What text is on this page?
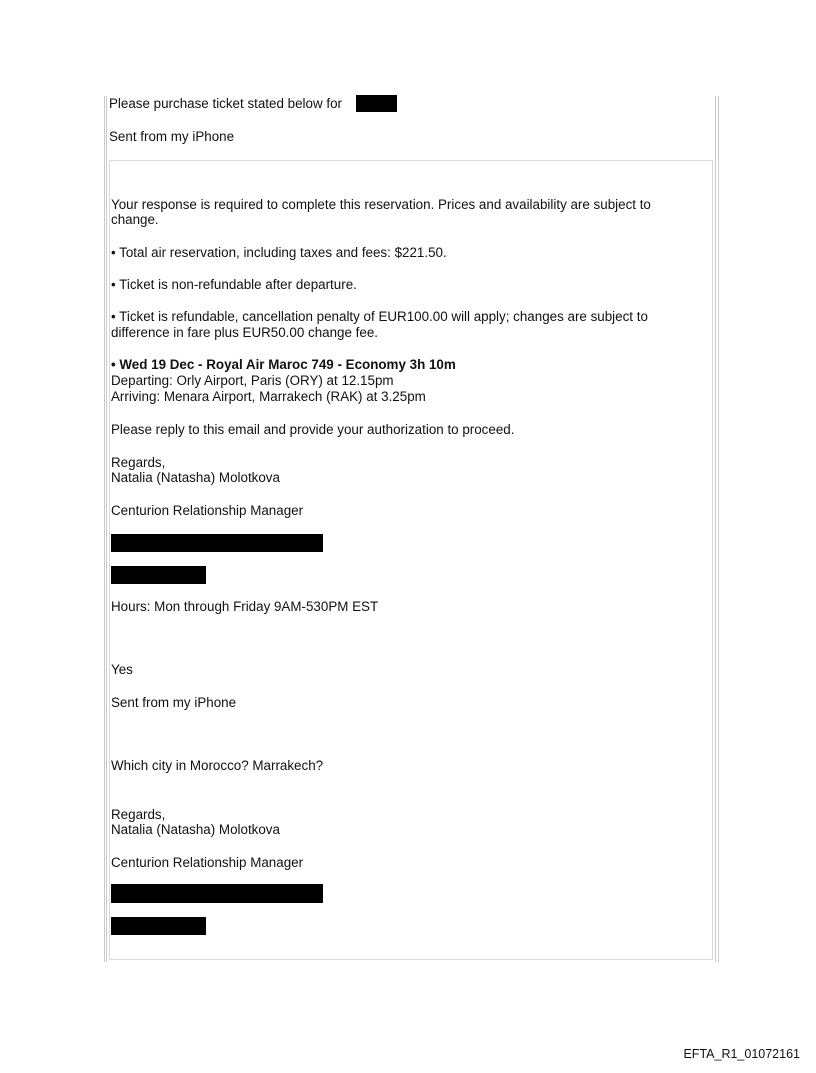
Please purchase ticket stated below for

Sent from my iPhone

Your response is required to complete this reservation. Prices and availability are subject to

change.

• Total air reservation, including taxes and fees: $221.50.

• Ticket is non-refundable after departure.

• Ticket is refundable, cancellation penalty of EUR100.00 will apply; changes are subject to

difference in fare plus EUR50.00 change fee.

• Wed 19 Dec - Royal Air Maroc 749 - Economy 3h 10m

Departing: Orly Airport, Paris (ORY) at 12.15pm

Arriving: Menara Airport, Marrakech (RAK) at 3.25pm

Please reply to this email and provide your authorization to proceed.

Regards,

Natalia (Natasha) Molotkova

Centurion Relationship Manager

Hours: Mon through Friday 9AM-530PM EST

Yes

Sent from my iPhone

Which city in Morocco? Marrakech?

Regards,

Natalia (Natasha) Molotkova

Centurion Relationship Manager

EFTA_R1_01072161
